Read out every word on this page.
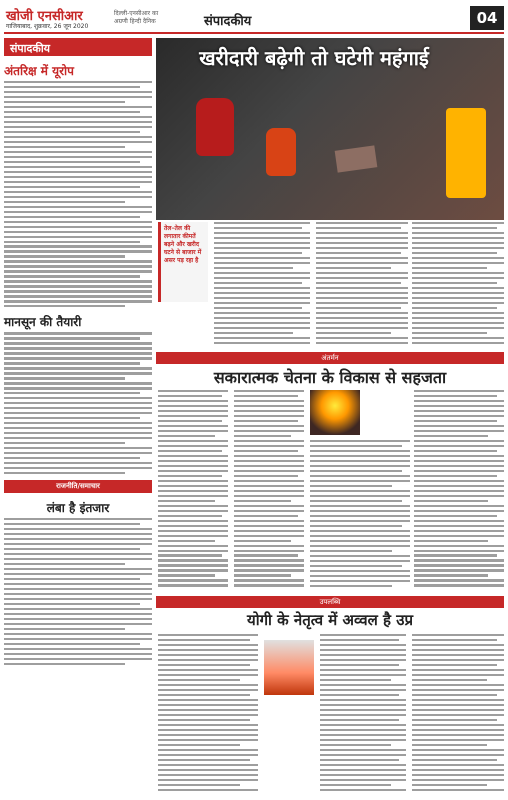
खोजी एनसीआर
गाजियाबाद, शुक्रवार, 26 जून 2020
दिल्ली-एनसीआर का
अग्रणी हिन्दी दैनिक	संपादकीय	04
संपादकीय
अंतरिक्ष में यूरोप
मानसून की तैयारी
राजनीति/समाचार
लंबा है इंतजार
खरीदारी बढ़ेगी तो घटेगी महंगाई
तेल–तेल की लगातार कीमतें बढ़ने और खरीद घटने से बाजार में असर पड़ रहा है
अंतर्मन
सकारात्मक चेतना के विकास से सहजता
उपलब्धि
योगी के नेतृत्व में अव्वल है उप्र
